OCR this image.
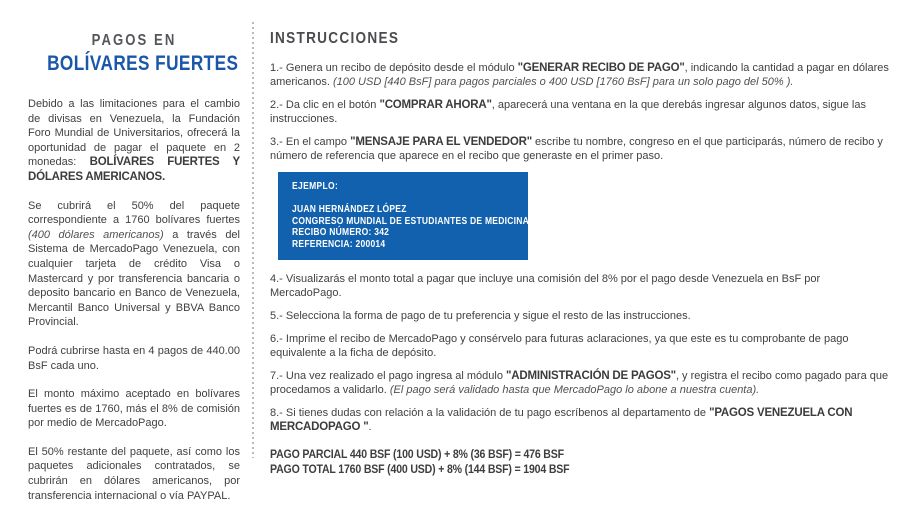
PAGOS EN
BOLÍVARES FUERTES
Debido a las limitaciones para el cambio de divisas en Venezuela, la Fundación Foro Mundial de Universitarios, ofrecerá la oportunidad de pagar el paquete en 2 monedas: BOLÍVARES FUERTES Y DÓLARES AMERICANOS.
Se cubrirá el 50% del paquete correspondiente a 1760 bolívares fuertes (400 dólares americanos) a través del Sistema de MercadoPago Venezuela, con cualquier tarjeta de crédito Visa o Mastercard y por transferencia bancaria o deposito bancario en Banco de Venezuela, Mercantil Banco Universal y BBVA Banco Provincial.
Podrá cubrirse hasta en 4 pagos de 440.00 BsF cada uno.
El monto máximo aceptado en bolívares fuertes es de 1760, más el 8% de comisión por medio de MercadoPago.
El 50% restante del paquete, así como los paquetes adicionales contratados, se cubrirán en dólares americanos, por transferencia internacional o vía PAYPAL.
INSTRUCCIONES
1.- Genera un recibo de depósito desde el módulo "GENERAR RECIBO DE PAGO", indicando la cantidad a pagar en dólares americanos. (100 USD [440 BsF] para pagos parciales o 400 USD [1760 BsF] para un solo pago del 50% ).
2.- Da clic en el botón "COMPRAR AHORA", aparecerá una ventana en la que derebás ingresar algunos datos, sigue las instrucciones.
3.- En el campo "MENSAJE PARA EL VENDEDOR" escribe tu nombre, congreso en el que participarás, número de recibo y número de referencia que aparece en el recibo que generaste en el primer paso.
EJEMPLO:
JUAN HERNÁNDEZ LÓPEZ
CONGRESO MUNDIAL DE ESTUDIANTES DE MEDICINA 2013
RECIBO NÚMERO: 342
REFERENCIA: 200014
4.- Visualizarás el monto total a pagar que incluye una comisión del 8% por el pago desde Venezuela en BsF por MercadoPago.
5.- Selecciona la forma de pago de tu preferencia y sigue el resto de las instrucciones.
6.- Imprime el recibo de MercadoPago y consérvelo para futuras aclaraciones, ya que este es tu comprobante de pago equivalente a la ficha de depósito.
7.- Una vez realizado el pago ingresa al módulo "ADMINISTRACIÓN DE PAGOS", y registra el recibo como pagado para que procedamos a validarlo. (El pago será validado hasta que MercadoPago lo abone a nuestra cuenta).
8.- Si tienes dudas con relación a la validación de tu pago escríbenos al departamento de "PAGOS VENEZUELA CON MERCADOPAGO ".
PAGO PARCIAL 440 BSF (100 USD) + 8% (36 BSF) = 476 BSF
PAGO TOTAL 1760 BSF (400 USD) + 8% (144 BSF) = 1904 BSF
